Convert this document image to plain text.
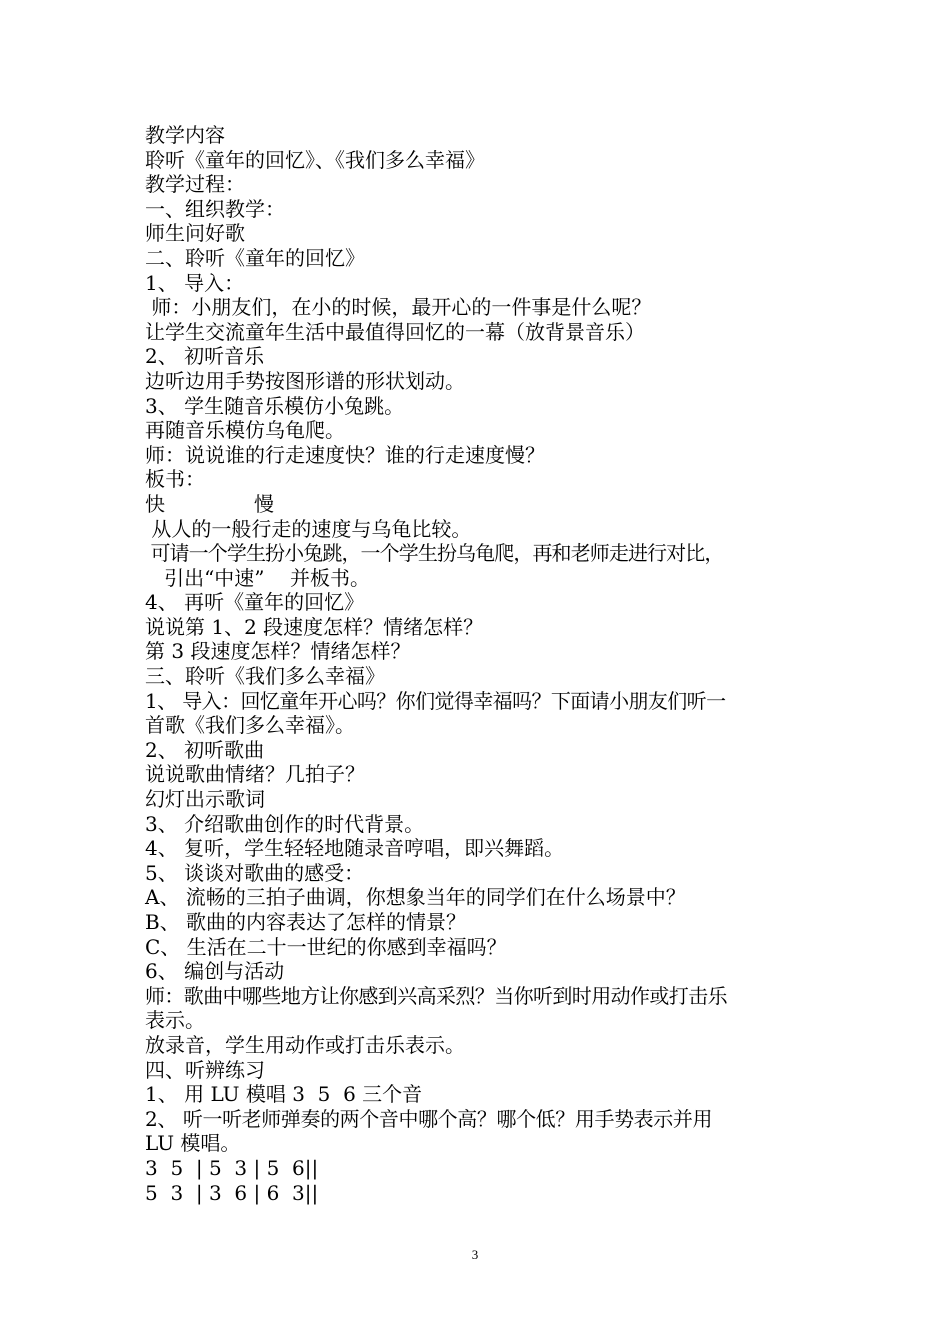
教学内容
聆听《童年的回忆》、《我们多么幸福》
教学过程：
一、组织教学：
师生问好歌
二、聆听《童年的回忆》
1、 导入：
师：小朋友们，在小的时候，最开心的一件事是什么呢？
让学生交流童年生活中最值得回忆的一幕（放背景音乐）
2、 初听音乐
边听边用手势按图形谱的形状划动。
3、 学生随音乐模仿小兔跳。
再随音乐模仿乌龟爬。
师：说说谁的行走速度快？谁的行走速度慢？
板书：
快              慢
从人的一般行走的速度与乌龟比较。
可请一个学生扮小兔跳，一个学生扮乌龟爬，再和老师走进行对比，
引出“中速”    并板书。
4、 再听《童年的回忆》
说说第 1、2 段速度怎样？情绪怎样？
第 3 段速度怎样？情绪怎样？
三、聆听《我们多么幸福》
1、 导入：回忆童年开心吗？你们觉得幸福吗？下面请小朋友们听一
首歌《我们多么幸福》。
2、 初听歌曲
说说歌曲情绪？几拍子？
幻灯出示歌词
3、 介绍歌曲创作的时代背景。
4、 复听，学生轻轻地随录音哼唱，即兴舞蹈。
5、 谈谈对歌曲的感受：
A、 流畅的三拍子曲调，你想象当年的同学们在什么场景中？
B、 歌曲的内容表达了怎样的情景？
C、 生活在二十一世纪的你感到幸福吗？
6、 编创与活动
师：歌曲中哪些地方让你感到兴高采烈？当你听到时用动作或打击乐
表示。
放录音，学生用动作或打击乐表示。
四、听辨练习
1、 用 LU 模唱 3  5  6 三个音
2、 听一听老师弹奏的两个音中哪个高？哪个低？用手势表示并用
LU 模唱。
3  5  | 5  3 | 5  6||
5  3  | 3  6 | 6  3||
3
